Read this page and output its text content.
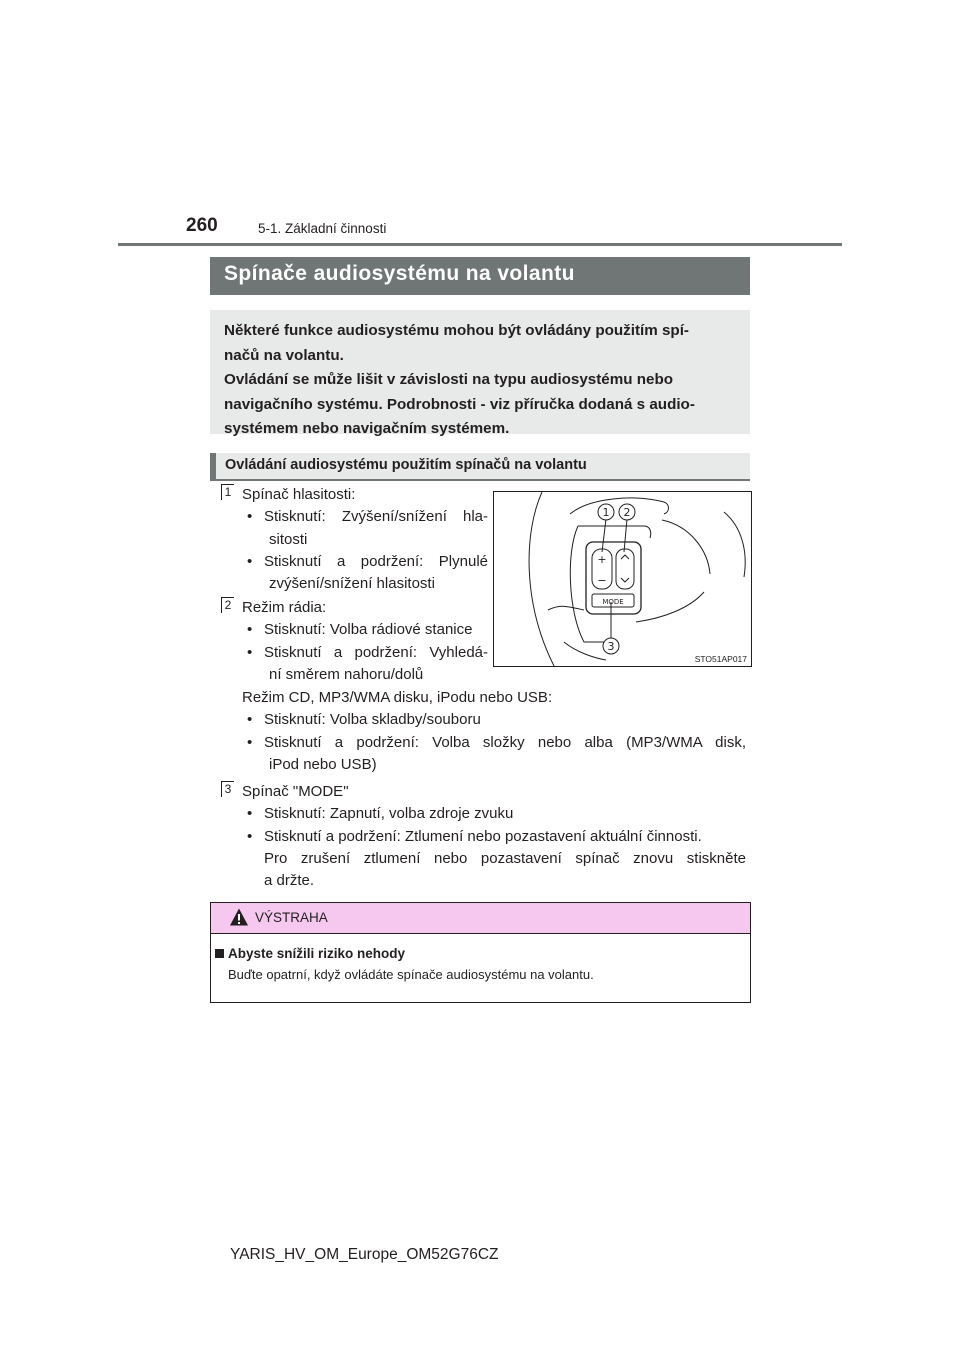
260	5-1. Základní činnosti
Spínače audiosystému na volantu

Některé funkce audiosystému mohou být ovládány použitím spí-

načů na volantu.

Ovládání se může lišit v závislosti na typu audiosystému nebo

navigačního systému. Podrobnosti - viz příručka dodaná s audio-

systémem nebo navigačním systémem.

Ovládání audiosystému použitím spínačů na volantu
1 Spínač hlasitosti:

• Stisknutí: Zvýšení/snížení hla-

sitosti

• Stisknutí a podržení: Plynulé

zvýšení/snížení hlasitosti

2 Režim rádia:

• Stisknutí: Volba rádiové stanice

• Stisknutí a podržení: Vyhledá-

ní směrem nahoru/dolů

Režim CD, MP3/WMA disku, iPodu nebo USB:

• Stisknutí: Volba skladby/souboru

• Stisknutí a podržení: Volba složky nebo alba (MP3/WMA disk,

iPod nebo USB)

3 Spínač "MODE"

• Stisknutí: Zapnutí, volba zdroje zvuku

• Stisknutí a podržení: Ztlumení nebo pozastavení aktuální činnosti.

Pro zrušení ztlumení nebo pozastavení spínač znovu stiskněte

a držte.

+
−
MODE
1 2
3
STO51AP017
VÝSTRAHA
Abyste snížili riziko nehody
Buďte opatrní, když ovládáte spínače audiosystému na volantu.
YARIS_HV_OM_Europe_OM52G76CZ
